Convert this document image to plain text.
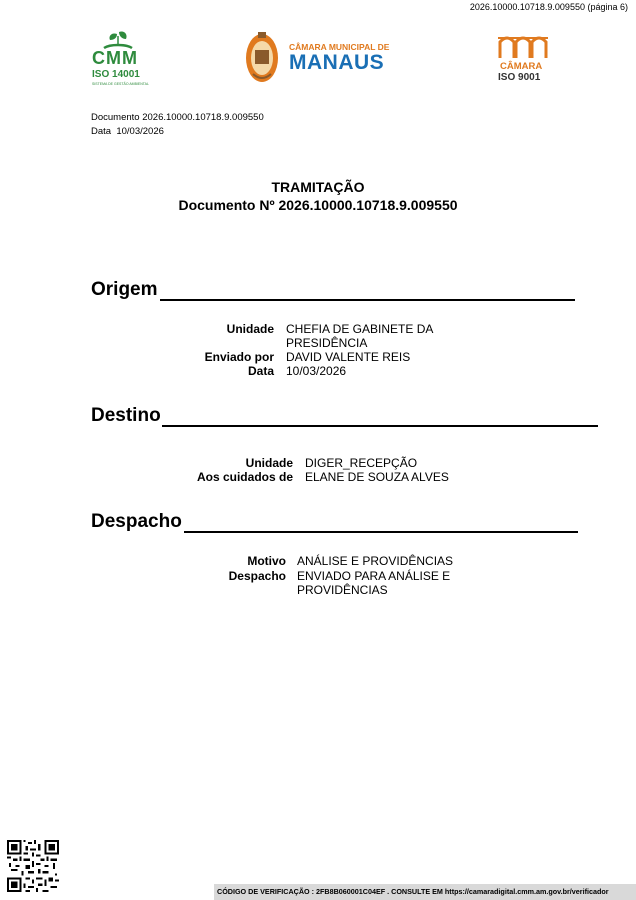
2026.10000.10718.9.009550 (página 6)
CMM
ISO 14001
SISTEMA DE GESTÃO AMBIENTAL
CÂMARA MUNICIPAL DE
MANAUS	CÂMARA
ISO 9001
Documento 2026.10000.10718.9.009550
Data  10/03/2026
TRAMITAÇÃO
Documento Nº 2026.10000.10718.9.009550
Origem
Unidade CHEFIA DE GABINETE DA
PRESIDÊNCIA
Enviado por DAVID VALENTE REIS
Data 10/03/2026
Destino
Unidade DIGER_RECEPÇÃO
Aos cuidados de ELANE DE SOUZA ALVES
Despacho
Motivo ANÁLISE E PROVIDÊNCIAS
Despacho ENVIADO PARA ANÁLISE E
PROVIDÊNCIAS
CÓDIGO DE VERIFICAÇÃO : 2FB8B060001C04EF . CONSULTE EM https://camaradigital.cmm.am.gov.br/verificador
